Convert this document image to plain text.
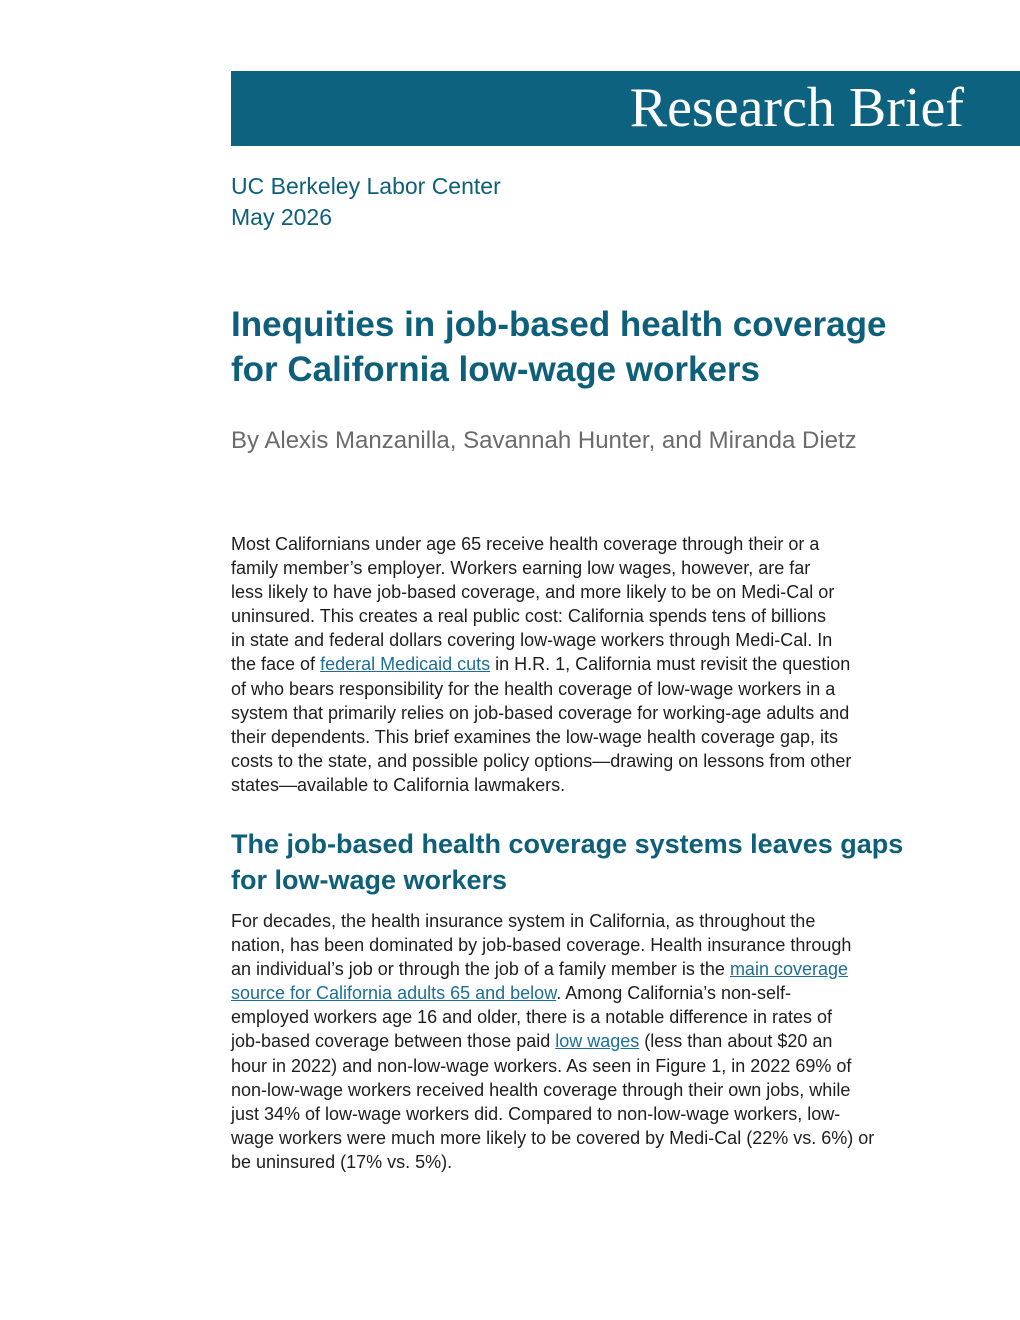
Research Brief
UC Berkeley Labor Center
May 2026
Inequities in job-based health coverage
for California low-wage workers
By Alexis Manzanilla, Savannah Hunter, and Miranda Dietz
Most Californians under age 65 receive health coverage through their or a
family member’s employer. Workers earning low wages, however, are far
less likely to have job-based coverage, and more likely to be on Medi-Cal or
uninsured. This creates a real public cost: California spends tens of billions
in state and federal dollars covering low-wage workers through Medi-Cal. In
the face of federal Medicaid cuts in H.R. 1, California must revisit the question
of who bears responsibility for the health coverage of low-wage workers in a
system that primarily relies on job-based coverage for working-age adults and
their dependents. This brief examines the low-wage health coverage gap, its
costs to the state, and possible policy options—drawing on lessons from other
states—available to California lawmakers.
The job-based health coverage systems leaves gaps
for low-wage workers
For decades, the health insurance system in California, as throughout the
nation, has been dominated by job-based coverage. Health insurance through
an individual’s job or through the job of a family member is the main coverage
source for California adults 65 and below. Among California’s non-self-
employed workers age 16 and older, there is a notable difference in rates of
job-based coverage between those paid low wages (less than about $20 an
hour in 2022) and non-low-wage workers. As seen in Figure 1, in 2022 69% of
non-low-wage workers received health coverage through their own jobs, while
just 34% of low-wage workers did. Compared to non-low-wage workers, low-
wage workers were much more likely to be covered by Medi-Cal (22% vs. 6%) or
be uninsured (17% vs. 5%).
